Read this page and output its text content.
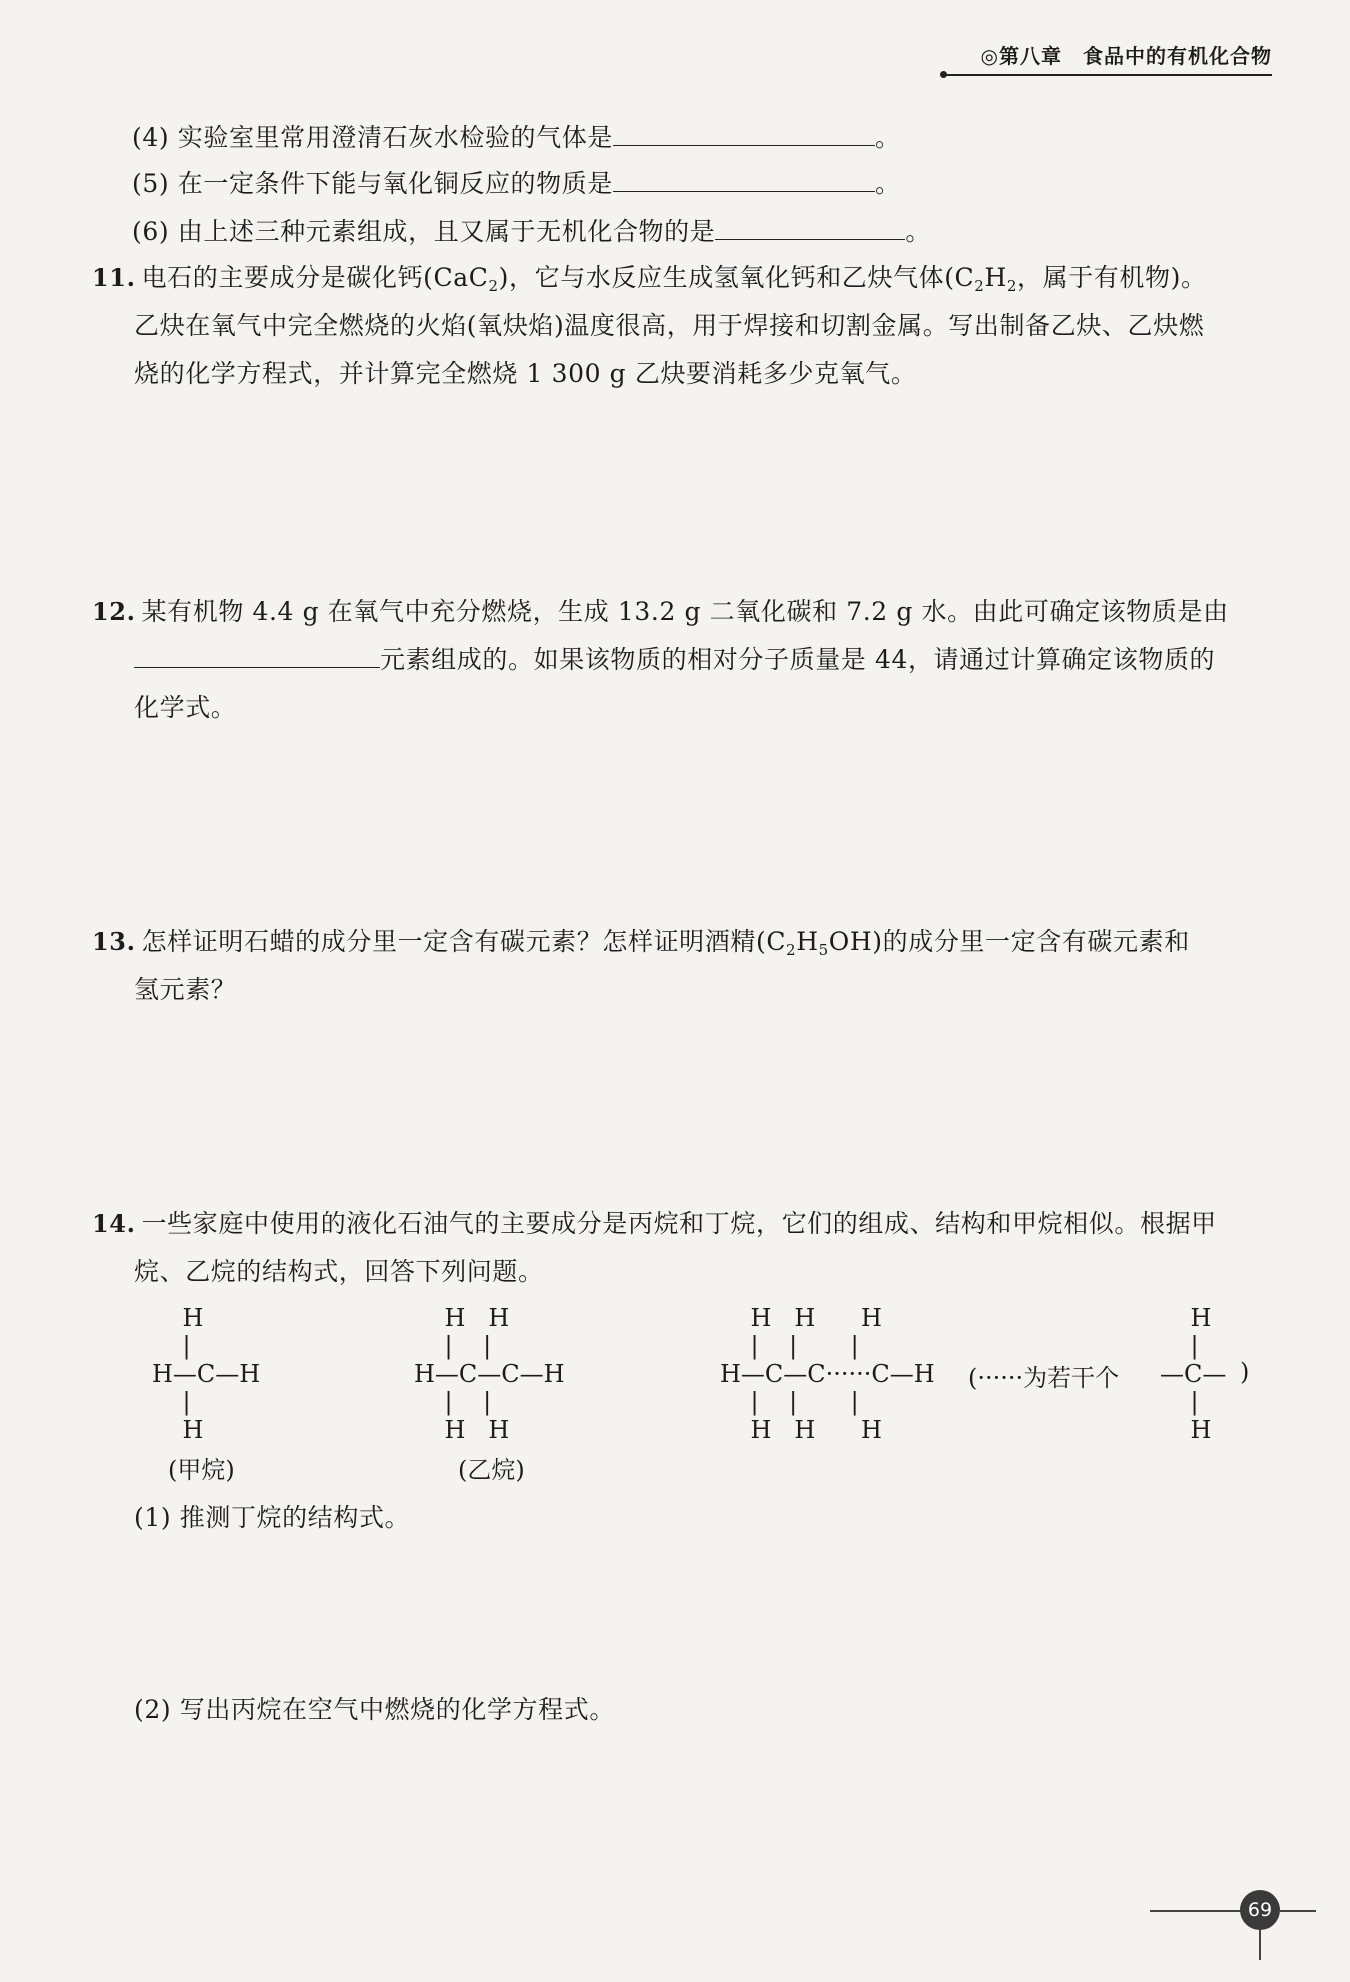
◎第八章　食品中的有机化合物
(4) 实验室里常用澄清石灰水检验的气体是	。
(5) 在一定条件下能与氧化铜反应的物质是	。
(6) 由上述三种元素组成，且又属于无机化合物的是	。
11. 电石的主要成分是碳化钙(CaC$_2$)，它与水反应生成氢氧化钙和乙炔气体($C_2H_2$，属于有机物)。
乙炔在氧气中完全燃烧的火焰(氧炔焰)温度很高，用于焊接和切割金属。写出制备乙炔、乙炔燃
烧的化学方程式，并计算完全燃烧 1 300 g 乙炔要消耗多少克氧气。
12. 某有机物 4.4 g 在氧气中充分燃烧，生成 13.2 g 二氧化碳和 7.2 g 水。由此可确定该物质是由
元素组成的。如果该物质的相对分子质量是 44，请通过计算确定该物质的
化学式。
13. 怎样证明石蜡的成分里一定含有碳元素？怎样证明酒精$(C_2H_5OH)$的成分里一定含有碳元素和
氢元素？
14. 一些家庭中使用的液化石油气的主要成分是丙烷和丁烷，它们的组成、结构和甲烷相似。根据甲
烷、乙烷的结构式，回答下列问题。
H
|
H—C—H
|
H
H   H
|    |
H—C—C—H
|    |
H   H
H   H      H
|    |       |
H—C—C······C—H
|    |       |
H   H      H
(······为若干个
H
|
—C—
|
H
)
(甲烷)	(乙烷)
(1) 推测丁烷的结构式。
(2) 写出丙烷在空气中燃烧的化学方程式。
69
